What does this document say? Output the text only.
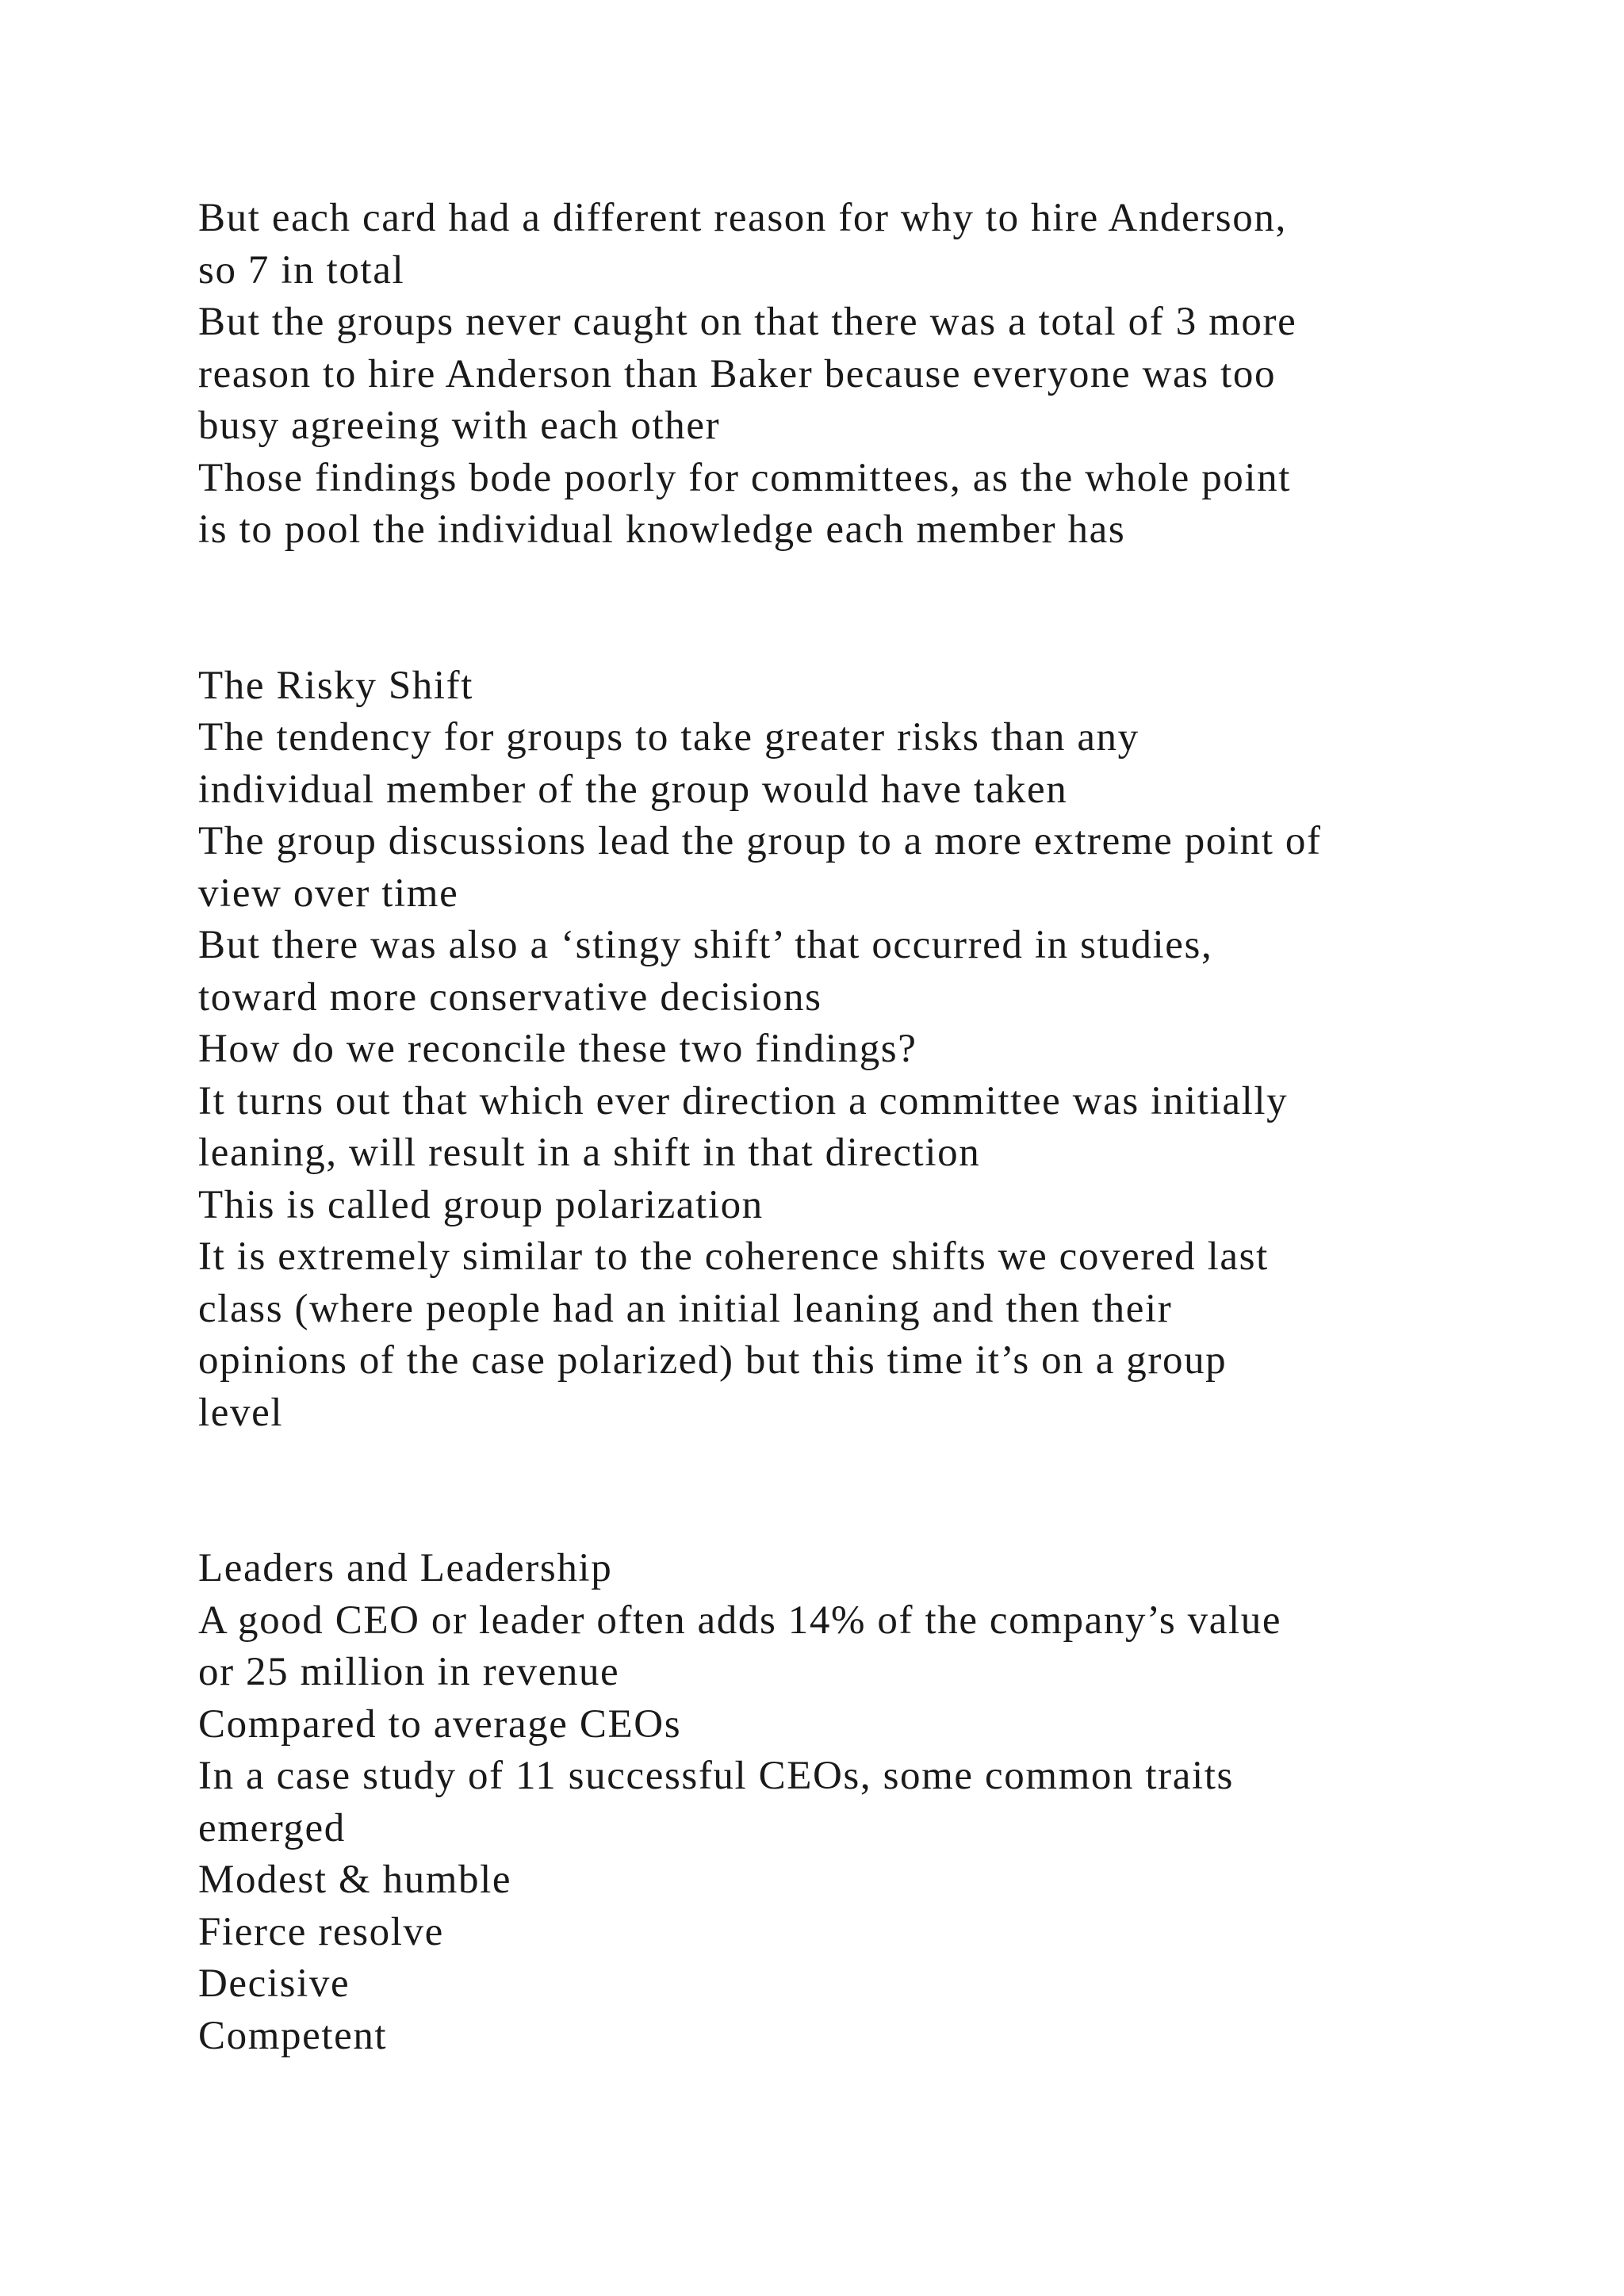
But each card had a different reason for why to hire Anderson,

so 7 in total

But the groups never caught on that there was a total of 3 more

reason to hire Anderson than Baker because everyone was too

busy agreeing with each other

Those findings bode poorly for committees, as the whole point

is to pool the individual knowledge each member has

The Risky Shift

The tendency for groups to take greater risks than any

individual member of the group would have taken

The group discussions lead the group to a more extreme point of

view over time

But there was also a ‘stingy shift’ that occurred in studies,

toward more conservative decisions

How do we reconcile these two findings?

It turns out that which ever direction a committee was initially

leaning, will result in a shift in that direction

This is called group polarization

It is extremely similar to the coherence shifts we covered last

class (where people had an initial leaning and then their

opinions of the case polarized) but this time it’s on a group

level

Leaders and Leadership

A good CEO or leader often adds 14% of the company’s value

or 25 million in revenue

Compared to average CEOs

In a case study of 11 successful CEOs, some common traits

emerged

Modest & humble

Fierce resolve

Decisive

Competent
